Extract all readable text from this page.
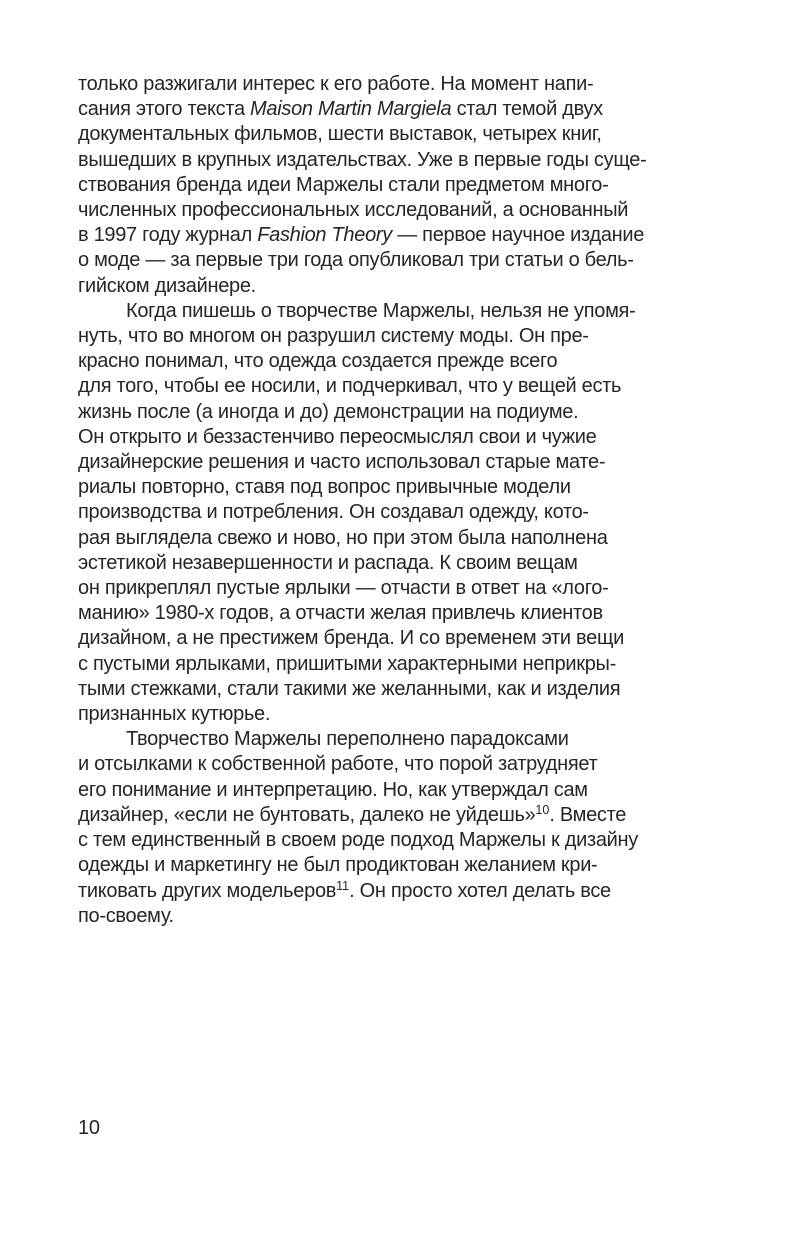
только разжигали интерес к его работе. На момент напи-
сания этого текста Maison Martin Margiela стал темой двух
документальных фильмов, шести выставок, четырех книг,
вышедших в крупных издательствах. Уже в первые годы суще-
ствования бренда идеи Маржелы стали предметом много-
численных профессиональных исследований, а основанный
в 1997 году журнал Fashion Theory — первое научное издание
о моде — за первые три года опубликовал три статьи о бель-
гийском дизайнере.
Когда пишешь о творчестве Маржелы, нельзя не упомя-
нуть, что во многом он разрушил систему моды. Он пре-
красно понимал, что одежда создается прежде всего
для того, чтобы ее носили, и подчеркивал, что у вещей есть
жизнь после (а иногда и до) демонстрации на подиуме.
Он открыто и беззастенчиво переосмыслял свои и чужие
дизайнерские решения и часто использовал старые мате-
риалы повторно, ставя под вопрос привычные модели
производства и потребления. Он создавал одежду, кото-
рая выглядела свежо и ново, но при этом была наполнена
эстетикой незавершенности и распада. К своим вещам
он прикреплял пустые ярлыки — отчасти в ответ на «лого-
манию» 1980-х годов, а отчасти желая привлечь клиентов
дизайном, а не престижем бренда. И со временем эти вещи
с пустыми ярлыками, пришитыми характерными неприкры-
тыми стежками, стали такими же желанными, как и изделия
признанных кутюрье.
Творчество Маржелы переполнено парадоксами
и отсылками к собственной работе, что порой затрудняет
его понимание и интерпретацию. Но, как утверждал сам
дизайнер, «если не бунтовать, далеко не уйдешь»$^{10}$. Вместе
с тем единственный в своем роде подход Маржелы к дизайну
одежды и маркетингу не был продиктован желанием кри-
тиковать других модельеров$^{11}$. Он просто хотел делать все
по-своему.
10
